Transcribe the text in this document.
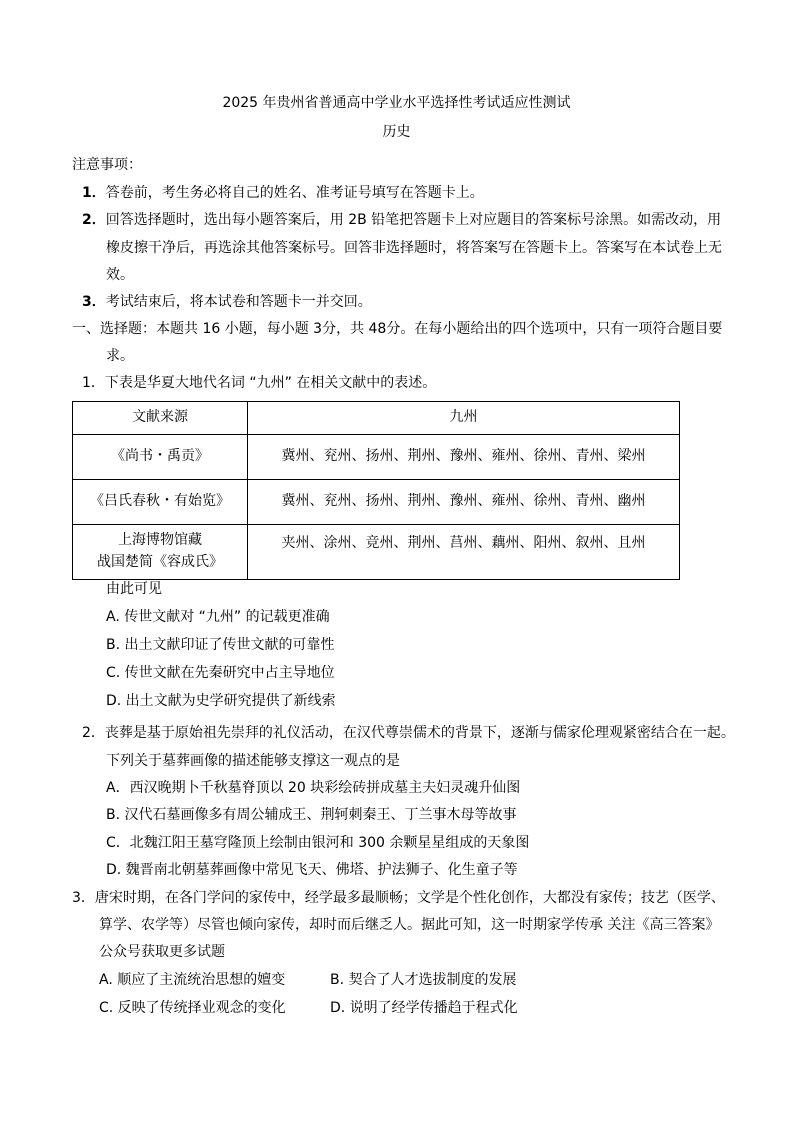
2025 年贵州省普通高中学业水平选择性考试适应性测试
历史
注意事项：
1．答卷前，考生务必将自己的姓名、准考证号填写在答题卡上。
2．回答选择题时，选出每小题答案后，用 2B 铅笔把答题卡上对应题目的答案标号涂黑。如需改动，用
橡皮擦干净后，再选涂其他答案标号。回答非选择题时，将答案写在答题卡上。答案写在本试卷上无
效。
3．考试结束后，将本试卷和答题卡一并交回。
一、选择题：本题共 16 小题，每小题 3分，共 48分。在每小题给出的四个选项中，只有一项符合题目要
求。
1．下表是华夏大地代名词 “九州” 在相关文献中的表述。
文献来源	九州
《尚书・禹贡》	冀州、兖州、扬州、荆州、豫州、雍州、徐州、青州、梁州
《吕氏春秋・有始览》	冀州、兖州、扬州、荆州、豫州、雍州、徐州、青州、幽州

上海博物馆藏
战国楚简《容成氏》	夹州、涂州、竞州、荆州、莒州、藕州、阳州、叙州、且州
由此可见
A. 传世文献对 “九州” 的记载更准确
B. 出土文献印证了传世文献的可靠性
C. 传世文献在先秦研究中占主导地位
D. 出土文献为史学研究提供了新线索
2．丧葬是基于原始祖先崇拜的礼仪活动，在汉代尊崇儒术的背景下，逐渐与儒家伦理观紧密结合在一起。
下列关于墓葬画像的描述能够支撑这一观点的是
A．西汉晚期卜千秋墓脊顶以 20 块彩绘砖拼成墓主夫妇灵魂升仙图
B. 汉代石墓画像多有周公辅成王、荆轲刺秦王、丁兰事木母等故事
C．北魏江阳王墓穹隆顶上绘制由银河和 300 余颗星星组成的天象图
D. 魏晋南北朝墓葬画像中常见飞天、佛塔、护法狮子、化生童子等
3．唐宋时期，在各门学问的家传中，经学最多最顺畅；文学是个性化创作，大都没有家传；技艺（医学、
算学、农学等）尽管也倾向家传，却时而后继乏人。据此可知，这一时期家学传承 关注《高三答案》
公众号获取更多试题
A. 顺应了主流统治思想的嬗变	B. 契合了人才选拔制度的发展
C. 反映了传统择业观念的变化	D. 说明了经学传播趋于程式化
